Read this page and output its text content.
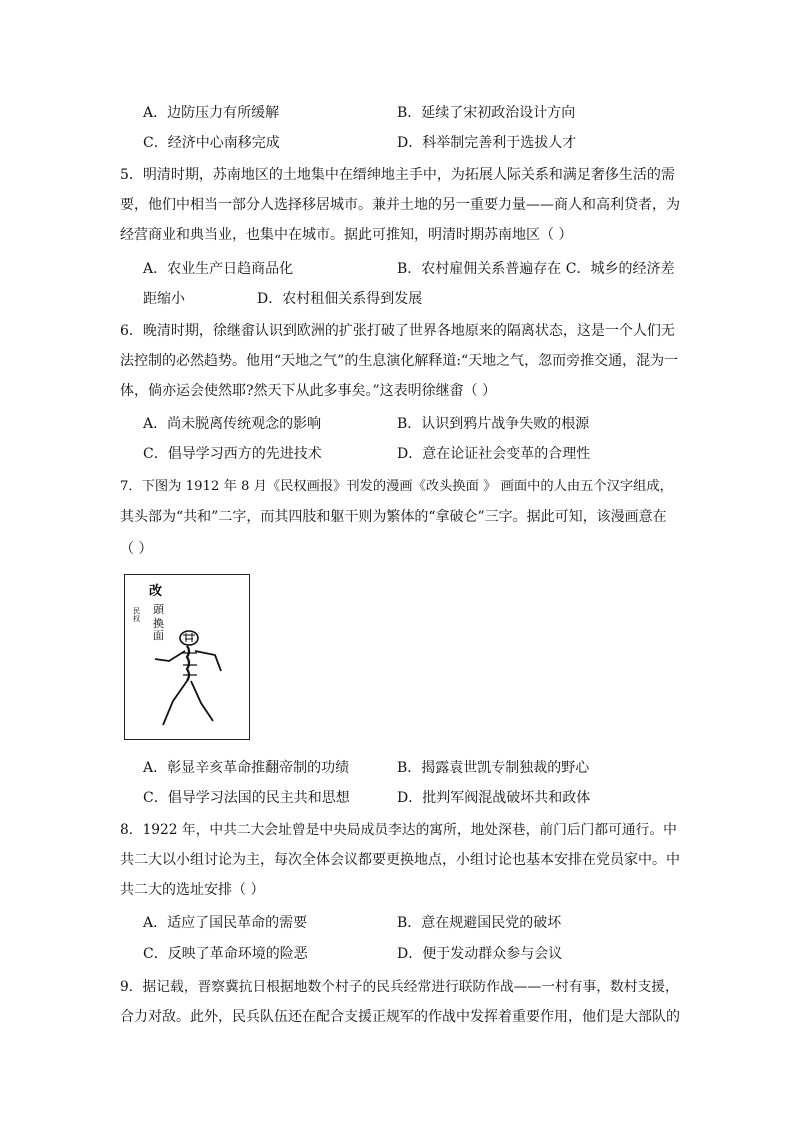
A．边防压力有所缓解	B．延续了宋初政治设计方向
C．经济中心南移完成	D．科举制完善利于选拔人才
5．明清时期，苏南地区的土地集中在缙绅地主手中，为拓展人际关系和满足奢侈生活的需
要，他们中相当一部分人选择移居城市。兼并土地的另一重要力量——商人和高利贷者，为
经营商业和典当业，也集中在城市。据此可推知，明清时期苏南地区（ ）
A．农业生产日趋商品化	B．农村雇佣关系普遍存在 C．城乡的经济差
距缩小	D．农村租佃关系得到发展
6．晚清时期，徐继畬认识到欧洲的扩张打破了世界各地原来的隔离状态，这是一个人们无
法控制的必然趋势。他用“天地之气”的生息演化解释道:“天地之气，忽而旁推交通，混为一
体，倘亦运会使然耶?然天下从此多事矣。”这表明徐继畬（ ）
A．尚未脱离传统观念的影响	B．认识到鸦片战争失败的根源
C．倡导学习西方的先进技术	D．意在论证社会变革的合理性
7．下图为 1912 年 8 月《民权画报》刊发的漫画《改头换面 》 画面中的人由五个汉字组成，
其头部为“共和”二字，而其四肢和躯干则为繁体的“拿破仑”三字。据此可知，该漫画意在
（ ）
改
頭
換
面
民
权
A．彰显辛亥革命推翻帝制的功绩	B．揭露袁世凯专制独裁的野心
C．倡导学习法国的民主共和思想	D．批判军阀混战破坏共和政体
8．1922 年，中共二大会址曾是中央局成员李达的寓所，地处深巷，前门后门都可通行。中
共二大以小组讨论为主，每次全体会议都要更换地点，小组讨论也基本安排在党员家中。中
共二大的选址安排（ ）
A．适应了国民革命的需要	B．意在规避国民党的破坏
C．反映了革命环境的险恶	D．便于发动群众参与会议
9．据记载，晋察冀抗日根据地数个村子的民兵经常进行联防作战——一村有事，数村支援，
合力对敌。此外，民兵队伍还在配合支援正规军的作战中发挥着重要作用，他们是大部队的
